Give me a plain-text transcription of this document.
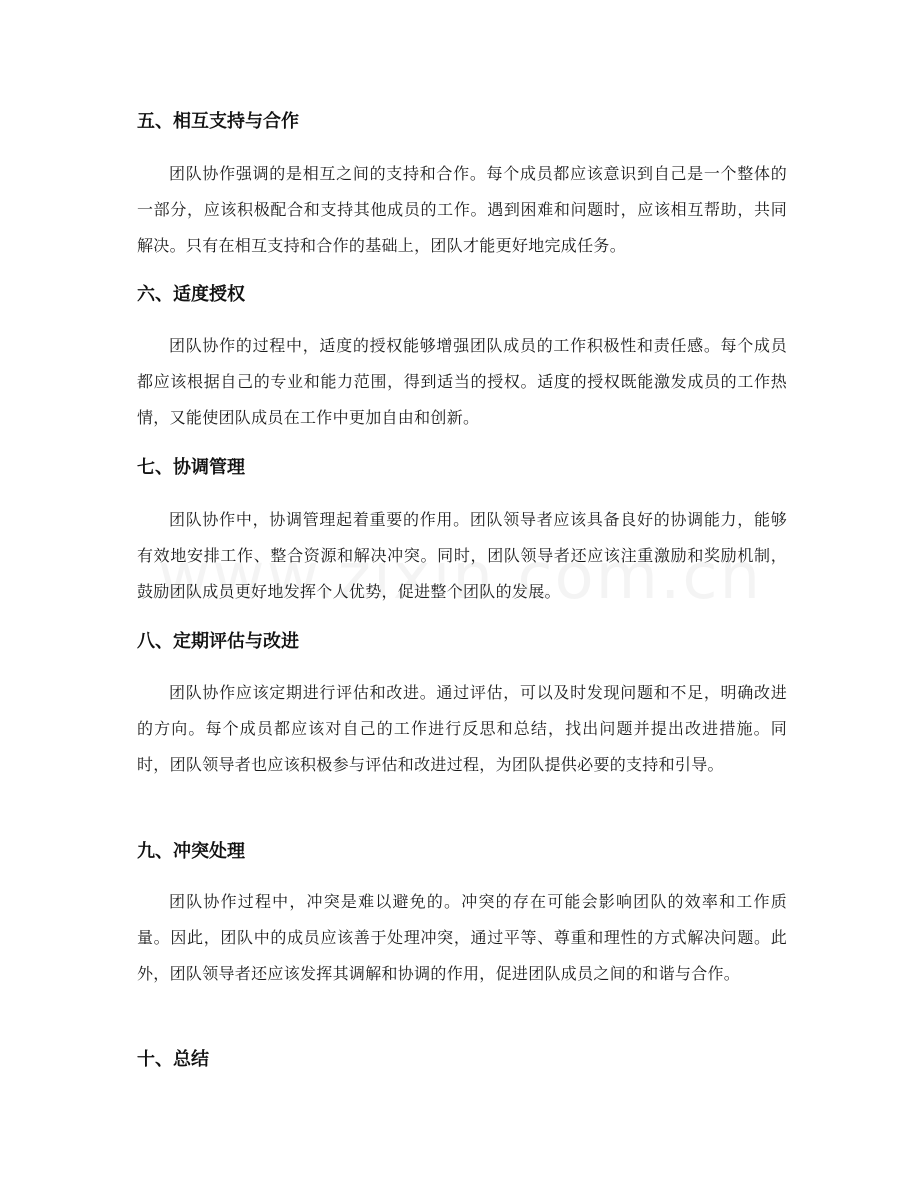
五、相互支持与合作

团队协作强调的是相互之间的支持和合作。每个成员都应该意识到自己是一个整体的一部分，应该积极配合和支持其他成员的工作。遇到困难和问题时，应该相互帮助，共同解决。只有在相互支持和合作的基础上，团队才能更好地完成任务。

六、适度授权

团队协作的过程中，适度的授权能够增强团队成员的工作积极性和责任感。每个成员都应该根据自己的专业和能力范围，得到适当的授权。适度的授权既能激发成员的工作热情，又能使团队成员在工作中更加自由和创新。

七、协调管理

团队协作中，协调管理起着重要的作用。团队领导者应该具备良好的协调能力，能够有效地安排工作、整合资源和解决冲突。同时，团队领导者还应该注重激励和奖励机制，鼓励团队成员更好地发挥个人优势，促进整个团队的发展。

八、定期评估与改进

团队协作应该定期进行评估和改进。通过评估，可以及时发现问题和不足，明确改进的方向。每个成员都应该对自己的工作进行反思和总结，找出问题并提出改进措施。同时，团队领导者也应该积极参与评估和改进过程，为团队提供必要的支持和引导。

九、冲突处理

团队协作过程中，冲突是难以避免的。冲突的存在可能会影响团队的效率和工作质量。因此，团队中的成员应该善于处理冲突，通过平等、尊重和理性的方式解决问题。此外，团队领导者还应该发挥其调解和协调的作用，促进团队成员之间的和谐与合作。

十、总结
